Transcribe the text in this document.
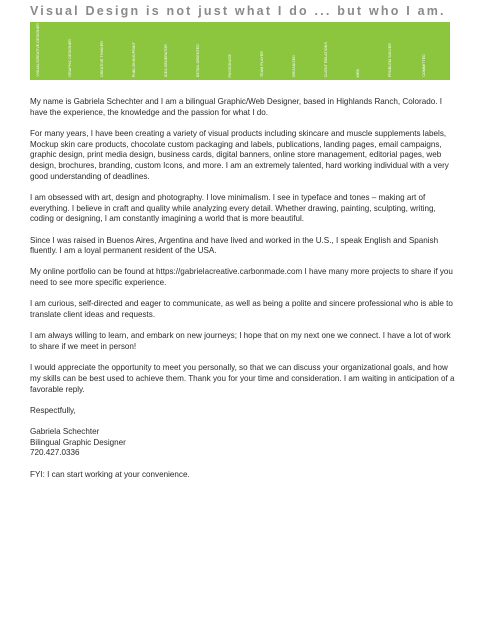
Visual Design is not just what I do ... but who I am.
VISUAL/CREATIVE DESIGNER	GRAPHIC DESIGNER	CREATIVE THINKER	PUBLISHING/PRINT	IDEA GENERATOR	DETAIL ORIENTED	PASSIONATE	TEAM PLAYER	ORGANIZED	CLIENT RELATIONS	WEB	PROBLEM SOLVER	COMMITTED

My name is Gabriela Schechter and I am a bilingual Graphic/Web Designer, based in Highlands Ranch, Colorado. I have the experience, the knowledge and the passion for what I do.

For many years, I have been creating a variety of visual products including skincare and muscle supplements labels, Mockup skin care products, chocolate custom packaging and labels, publications, landing pages, email campaigns, graphic design, print media design, business cards, digital banners, online store management, editorial pages, web design, brochures, branding, custom Icons, and more. I am an extremely talented, hard working individual with a very good understanding of deadlines.

I am obsessed with art, design and photography. I love minimalism. I see in typeface and tones – making art of everything. I believe in craft and quality while analyzing every detail. Whether drawing, painting, sculpting, writing, coding or designing, I am constantly imagining a world that is more beautiful.

Since I was raised in Buenos Aires, Argentina and have lived and worked in the U.S., I speak English and Spanish fluently. I am a loyal permanent resident of the USA.

My online portfolio can be found at https://gabrielacreative.carbonmade.com I have many more projects to share if you need to see more specific experience.

I am curious, self-directed and eager to communicate, as well as being a polite and sincere professional who is able to translate client ideas and requests.

I am always willing to learn, and embark on new journeys; I hope that on my next one we connect. I have a lot of work to share if we meet in person!

I would appreciate the opportunity to meet you personally, so that we can discuss your organizational goals, and how my skills can be best used to achieve them. Thank you for your time and consideration. I am waiting in anticipation of a favorable reply.

Respectfully,

Gabriela Schechter

Bilingual Graphic Designer

720.427.0336

FYI: I can start working at your convenience.
